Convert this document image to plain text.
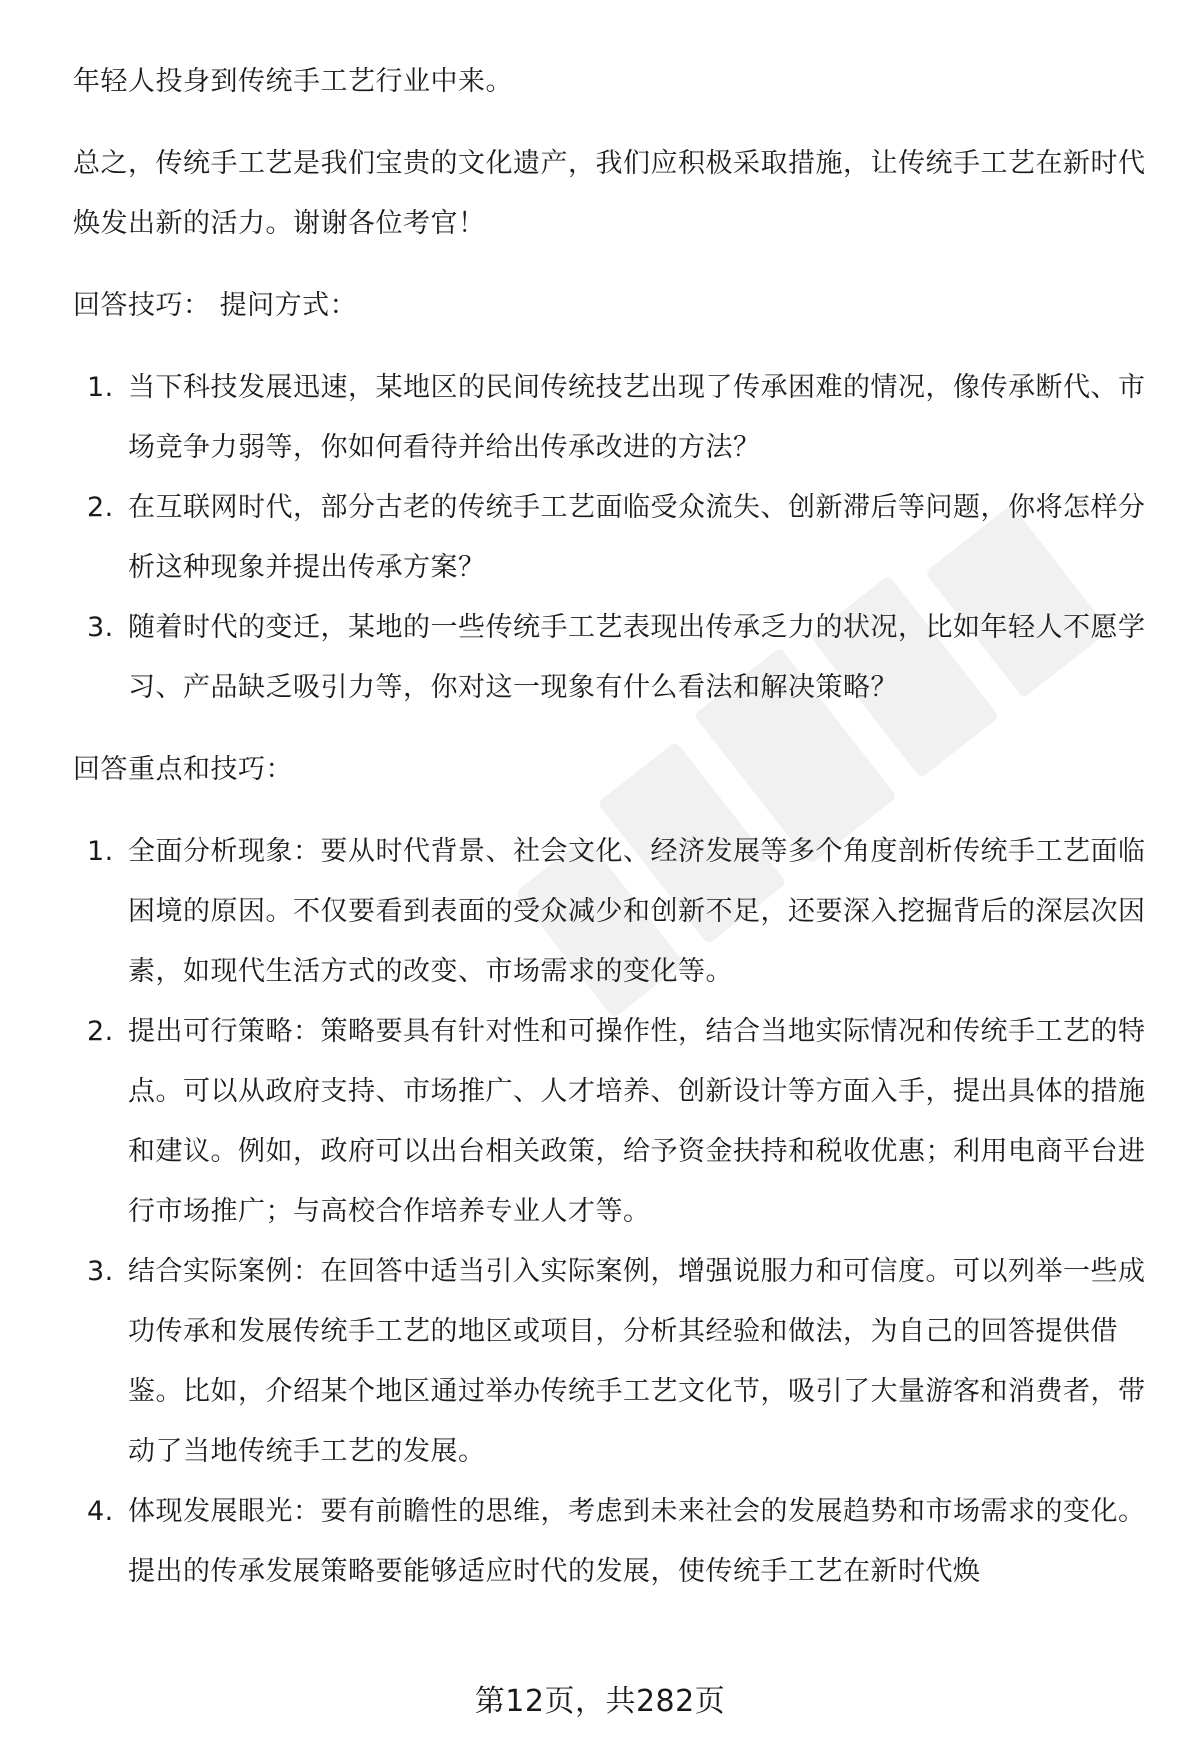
年轻人投身到传统手工艺行业中来。

总之，传统手工艺是我们宝贵的文化遗产，我们应积极采取措施，让传统手工艺在新时代焕发出新的活力。谢谢各位考官！

回答技巧： 提问方式：

1. 当下科技发展迅速，某地区的民间传统技艺出现了传承困难的情况，像传承断代、市场竞争力弱等，你如何看待并给出传承改进的方法？
2. 在互联网时代，部分古老的传统手工艺面临受众流失、创新滞后等问题，你将怎样分析这种现象并提出传承方案？
3. 随着时代的变迁，某地的一些传统手工艺表现出传承乏力的状况，比如年轻人不愿学习、产品缺乏吸引力等，你对这一现象有什么看法和解决策略？

回答重点和技巧：

1. 全面分析现象：要从时代背景、社会文化、经济发展等多个角度剖析传统手工艺面临困境的原因。不仅要看到表面的受众减少和创新不足，还要深入挖掘背后的深层次因素，如现代生活方式的改变、市场需求的变化等。
2. 提出可行策略：策略要具有针对性和可操作性，结合当地实际情况和传统手工艺的特点。可以从政府支持、市场推广、人才培养、创新设计等方面入手，提出具体的措施和建议。例如，政府可以出台相关政策，给予资金扶持和税收优惠；利用电商平台进行市场推广；与高校合作培养专业人才等。
3. 结合实际案例：在回答中适当引入实际案例，增强说服力和可信度。可以列举一些成功传承和发展传统手工艺的地区或项目，分析其经验和做法，为自己的回答提供借鉴。比如，介绍某个地区通过举办传统手工艺文化节，吸引了大量游客和消费者，带动了当地传统手工艺的发展。
4. 体现发展眼光：要有前瞻性的思维，考虑到未来社会的发展趋势和市场需求的变化。提出的传承发展策略要能够适应时代的发展，使传统手工艺在新时代焕
第12页，共282页
